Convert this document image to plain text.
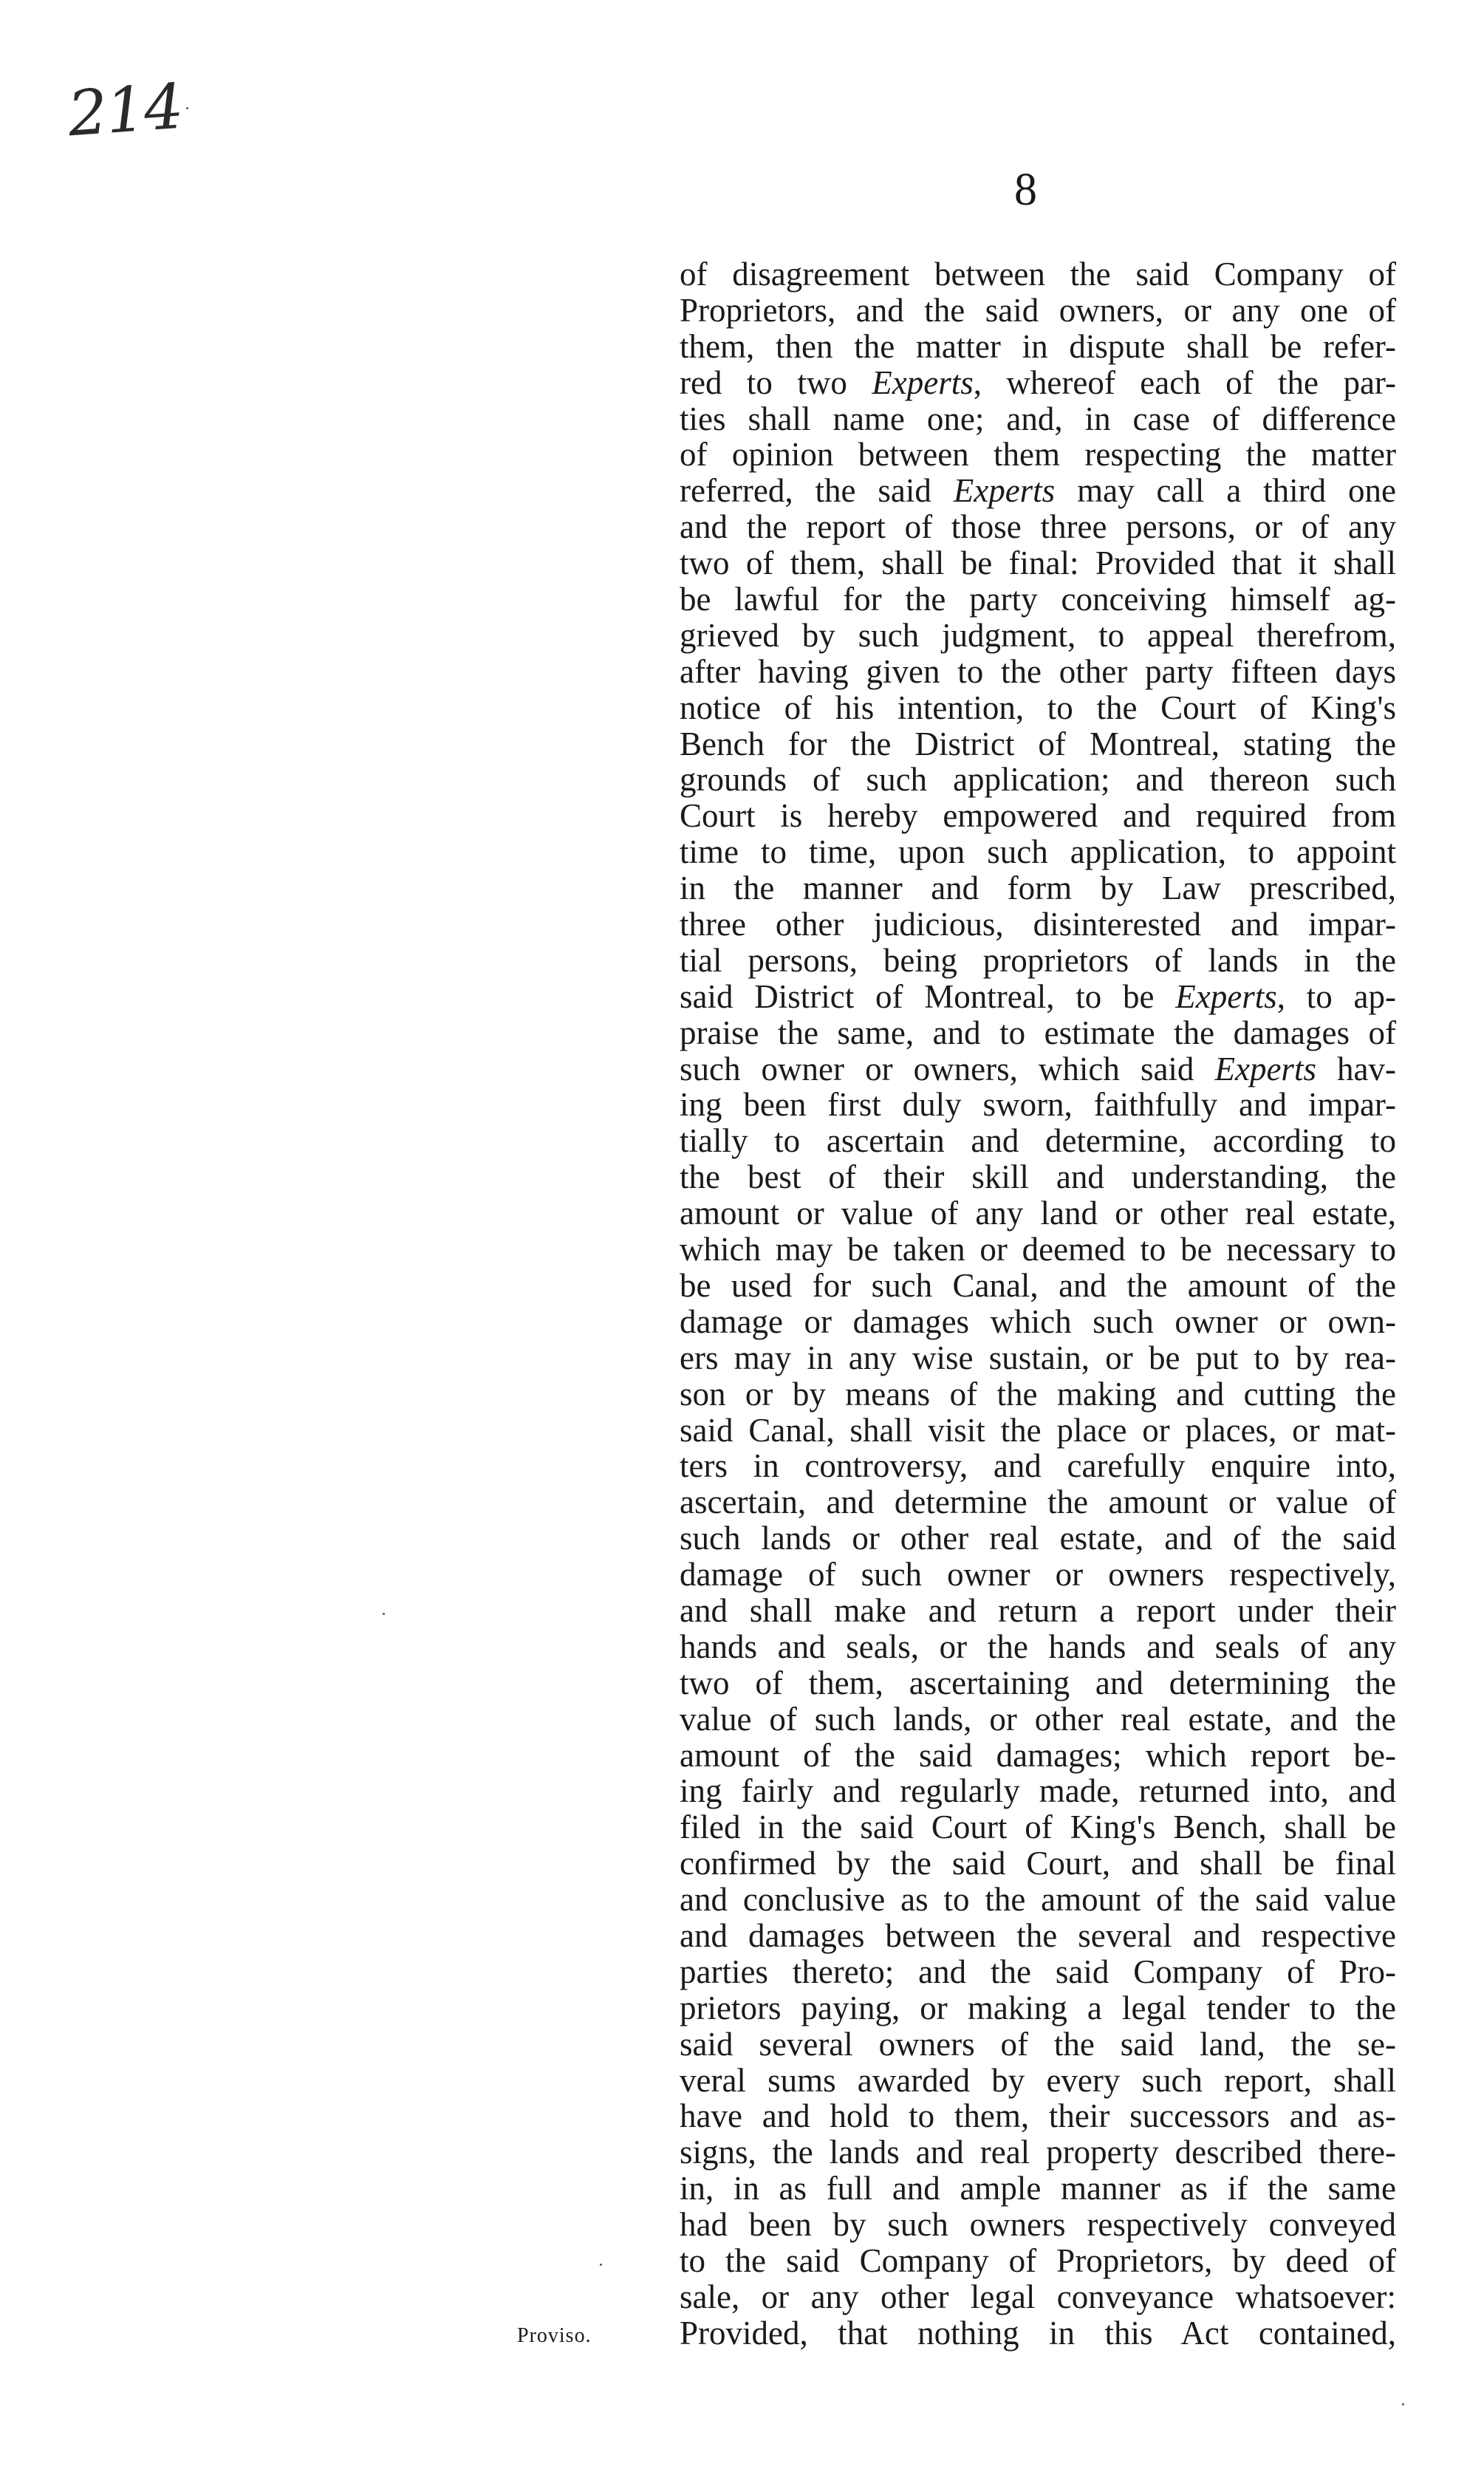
214
8
of disagreement between the said Company of
Proprietors, and the said owners, or any one of
them, then the matter in dispute shall be refer-
red to two Experts, whereof each of the par-
ties shall name one; and, in case of difference
of opinion between them respecting the matter
referred, the said Experts may call a third one
and the report of those three persons, or of any
two of them, shall be final: Provided that it shall
be lawful for the party conceiving himself ag-
grieved by such judgment, to appeal therefrom,
after having given to the other party fifteen days
notice of his intention, to the Court of King's
Bench for the District of Montreal, stating the
grounds of such application; and thereon such
Court is hereby empowered and required from
time to time, upon such application, to appoint
in the manner and form by Law prescribed,
three other judicious, disinterested and impar-
tial persons, being proprietors of lands in the
said District of Montreal, to be Experts, to ap-
praise the same, and to estimate the damages of
such owner or owners, which said Experts hav-
ing been first duly sworn, faithfully and impar-
tially to ascertain and determine, according to
the best of their skill and understanding, the
amount or value of any land or other real estate,
which may be taken or deemed to be necessary to
be used for such Canal, and the amount of the
damage or damages which such owner or own-
ers may in any wise sustain, or be put to by rea-
son or by means of the making and cutting the
said Canal, shall visit the place or places, or mat-
ters in controversy, and carefully enquire into,
ascertain, and determine the amount or value of
such lands or other real estate, and of the said
damage of such owner or owners respectively,
and shall make and return a report under their
hands and seals, or the hands and seals of any
two of them, ascertaining and determining the
value of such lands, or other real estate, and the
amount of the said damages; which report be-
ing fairly and regularly made, returned into, and
filed in the said Court of King's Bench, shall be
confirmed by the said Court, and shall be final
and conclusive as to the amount of the said value
and damages between the several and respective
parties thereto; and the said Company of Pro-
prietors paying, or making a legal tender to the
said several owners of the said land, the se-
veral sums awarded by every such report, shall
have and hold to them, their successors and as-
signs, the lands and real property described there-
in, in as full and ample manner as if the same
had been by such owners respectively conveyed
to the said Company of Proprietors, by deed of
sale, or any other legal conveyance whatsoever:
Provided, that nothing in this Act contained,
Proviso.
